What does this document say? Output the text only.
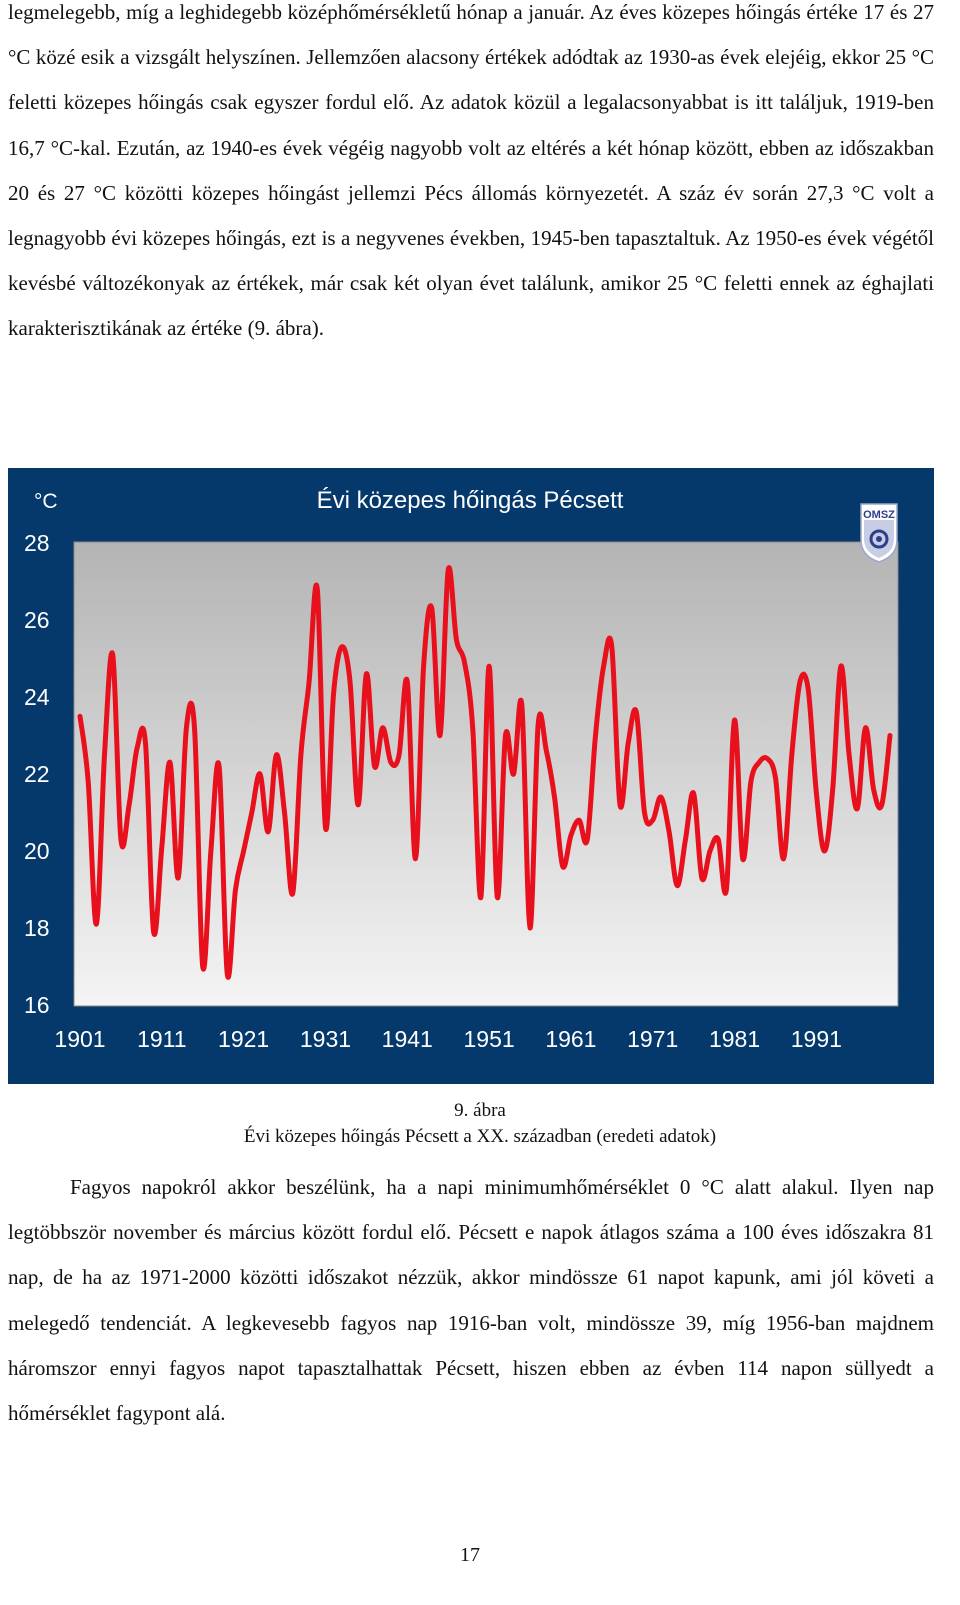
legmelegebb, míg a leghidegebb középhőmérsékletű hónap a január. Az éves közepes hőingás értéke 17 és 27 °C közé esik a vizsgált helyszínen. Jellemzően alacsony értékek adódtak az 1930-as évek elejéig, ekkor 25 °C feletti közepes hőingás csak egyszer fordul elő. Az adatok közül a legalacsonyabbat is itt találjuk, 1919-ben 16,7 °C-kal. Ezután, az 1940-es évek végéig nagyobb volt az eltérés a két hónap között, ebben az időszakban 20 és 27 °C közötti közepes hőingást jellemzi Pécs állomás környezetét. A száz év során 27,3 °C volt a legnagyobb évi közepes hőingás, ezt is a negyvenes években, 1945-ben tapasztaltuk. Az 1950-es évek végétől kevésbé változékonyak az értékek, már csak két olyan évet találunk, amikor 25 °C feletti ennek az éghajlati karakterisztikának az értéke (9. ábra).

°C	Évi közepes hőingás Pécsett
28
26
24
22
20
18
16
1901 1911 1921 1931 1941 1951 1961 1971 1981 1991
OMSZ
9. ábra
Évi közepes hőingás Pécsett a XX. században (eredeti adatok)

Fagyos napokról akkor beszélünk, ha a napi minimumhőmérséklet 0 °C alatt alakul. Ilyen nap legtöbbször november és március között fordul elő. Pécsett e napok átlagos száma a 100 éves időszakra 81 nap, de ha az 1971-2000 közötti időszakot nézzük, akkor mindössze 61 napot kapunk, ami jól követi a melegedő tendenciát. A legkevesebb fagyos nap 1916-ban volt, mindössze 39, míg 1956-ban majdnem háromszor ennyi fagyos napot tapasztalhattak Pécsett, hiszen ebben az évben 114 napon süllyedt a hőmérséklet fagypont alá.

17
